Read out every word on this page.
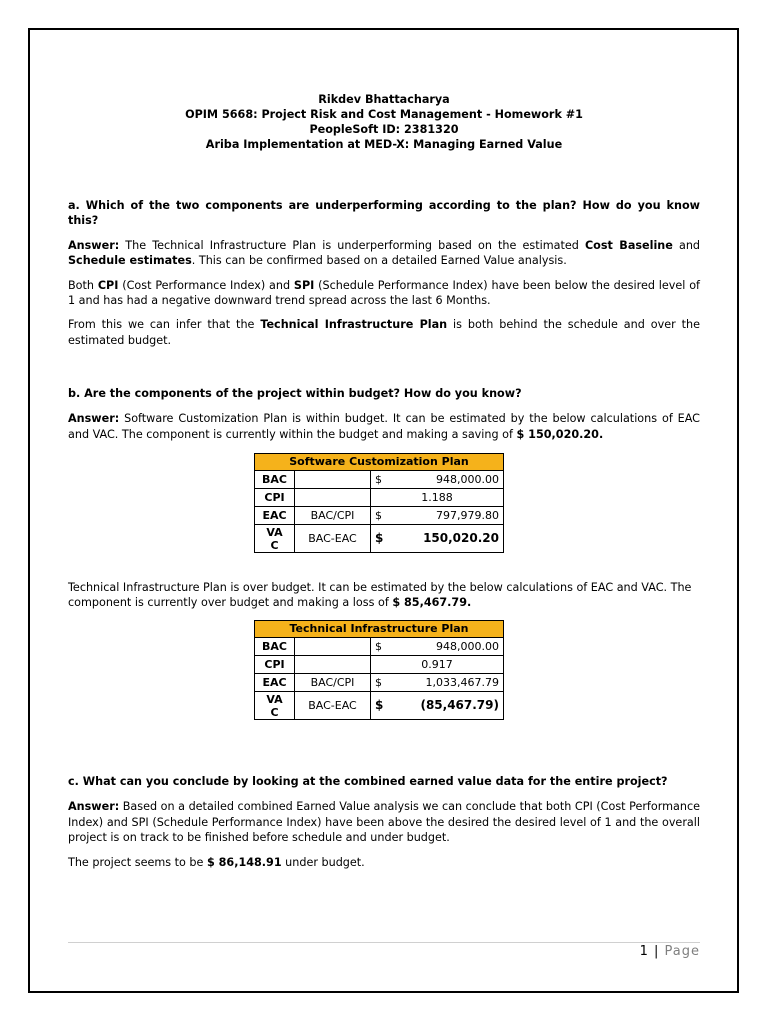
Rikdev Bhattacharya
OPIM 5668: Project Risk and Cost Management - Homework #1
PeopleSoft ID: 2381320
Ariba Implementation at MED-X: Managing Earned Value

a. Which of the two components are underperforming according to the plan? How do you know this?

Answer: The Technical Infrastructure Plan is underperforming based on the estimated Cost Baseline and Schedule estimates. This can be confirmed based on a detailed Earned Value analysis.

Both CPI (Cost Performance Index) and SPI (Schedule Performance Index) have been below the desired level of 1 and has had a negative downward trend spread across the last 6 Months.

From this we can infer that the Technical Infrastructure Plan is both behind the schedule and over the estimated budget.

b. Are the components of the project within budget? How do you know?

Answer: Software Customization Plan is within budget. It can be estimated by the below calculations of EAC and VAC. The component is currently within the budget and making a saving of $ 150,020.20.

Software Customization Plan			
BAC		$	948,000.00
CPI		1.188	
EAC	BAC/CPI	$	797,979.80
VA
C	BAC-EAC	$	150,020.20

Technical Infrastructure Plan is over budget. It can be estimated by the below calculations of EAC and VAC. The component is currently over budget and making a loss of $ 85,467.79.

Technical Infrastructure Plan			
BAC		$	948,000.00
CPI		0.917	
EAC	BAC/CPI	$	1,033,467.79
VA
C	BAC-EAC	$	(85,467.79)

c. What can you conclude by looking at the combined earned value data for the entire project?

Answer: Based on a detailed combined Earned Value analysis we can conclude that both CPI (Cost Performance Index) and SPI (Schedule Performance Index) have been above the desired the desired level of 1 and the overall project is on track to be finished before schedule and under budget.

The project seems to be $ 86,148.91 under budget.

1 | Page
